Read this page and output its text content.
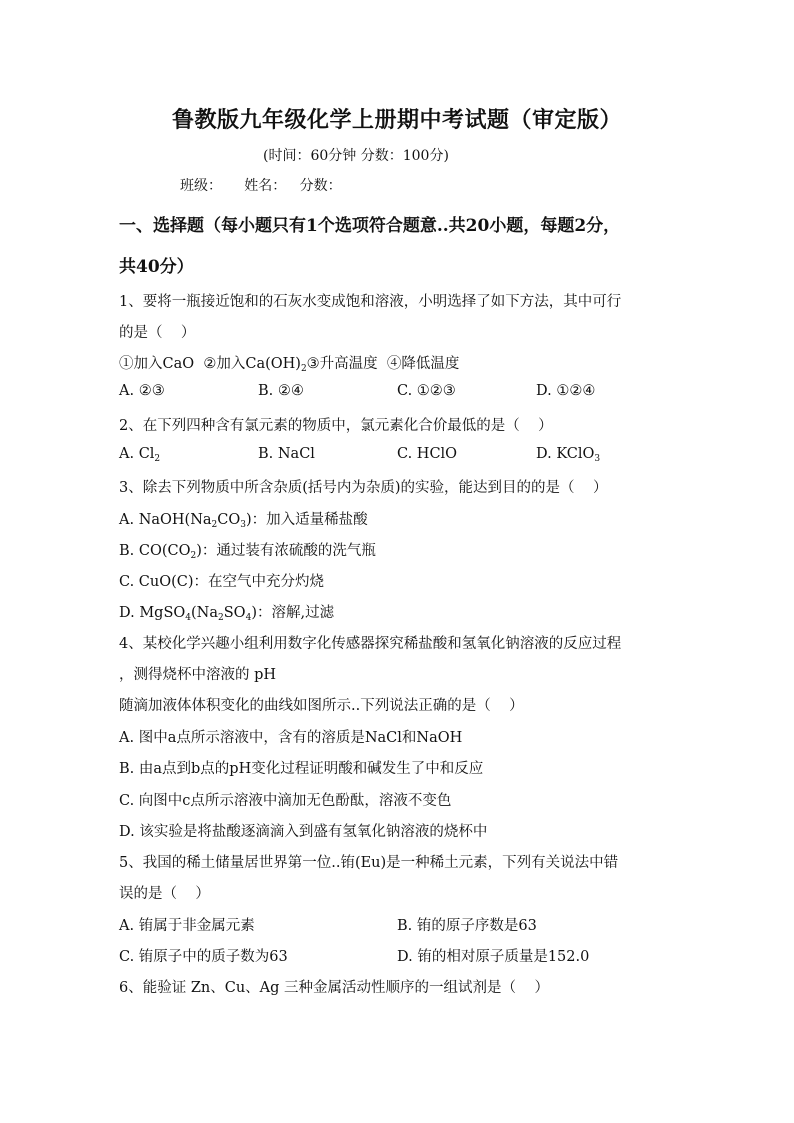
鲁教版九年级化学上册期中考试题（审定版）
(时间：60分钟 分数：100分)
班级：     姓名：   分数：
一、选择题（每小题只有1个选项符合题意..共20小题，每题2分，
共40分）
1、要将一瓶接近饱和的石灰水变成饱和溶液，小明选择了如下方法，其中可行
的是（    ）
①加入CaO  ②加入$Ca(OH)_2③$升高温度  ④降低温度
A. ②③	B. ②④	C. ①②③	D. ①②④
2、在下列四种含有氯元素的物质中，氯元素化合价最低的是（    ）
A. $Cl_2$	B. NaCl	C. HClO	D. KClO$_3$
3、除去下列物质中所含杂质(括号内为杂质)的实验，能达到目的的是（    ）
A. $NaOH(Na_2CO_3)$：加入适量稀盐酸
B. $CO(CO_2)$：通过装有浓硫酸的洗气瓶
C. CuO(C)：在空气中充分灼烧
D. $MgSO_4(Na_2SO_4)$：溶解,过滤
4、某校化学兴趣小组利用数字化传感器探究稀盐酸和氢氧化钠溶液的反应过程
，测得烧杯中溶液的 pH
随滴加液体体积变化的曲线如图所示..下列说法正确的是（    ）
A. 图中a点所示溶液中，含有的溶质是NaCl和NaOH
B. 由a点到b点的pH变化过程证明酸和碱发生了中和反应
C. 向图中c点所示溶液中滴加无色酚酞，溶液不变色
D. 该实验是将盐酸逐滴滴入到盛有氢氧化钠溶液的烧杯中
5、我国的稀土储量居世界第一位..铕(Eu)是一种稀土元素，下列有关说法中错
误的是（    ）
A. 铕属于非金属元素	B. 铕的原子序数是63
C. 铕原子中的质子数为63	D. 铕的相对原子质量是152.0
6、能验证 Zn、Cu、Ag 三种金属活动性顺序的一组试剂是（    ）
